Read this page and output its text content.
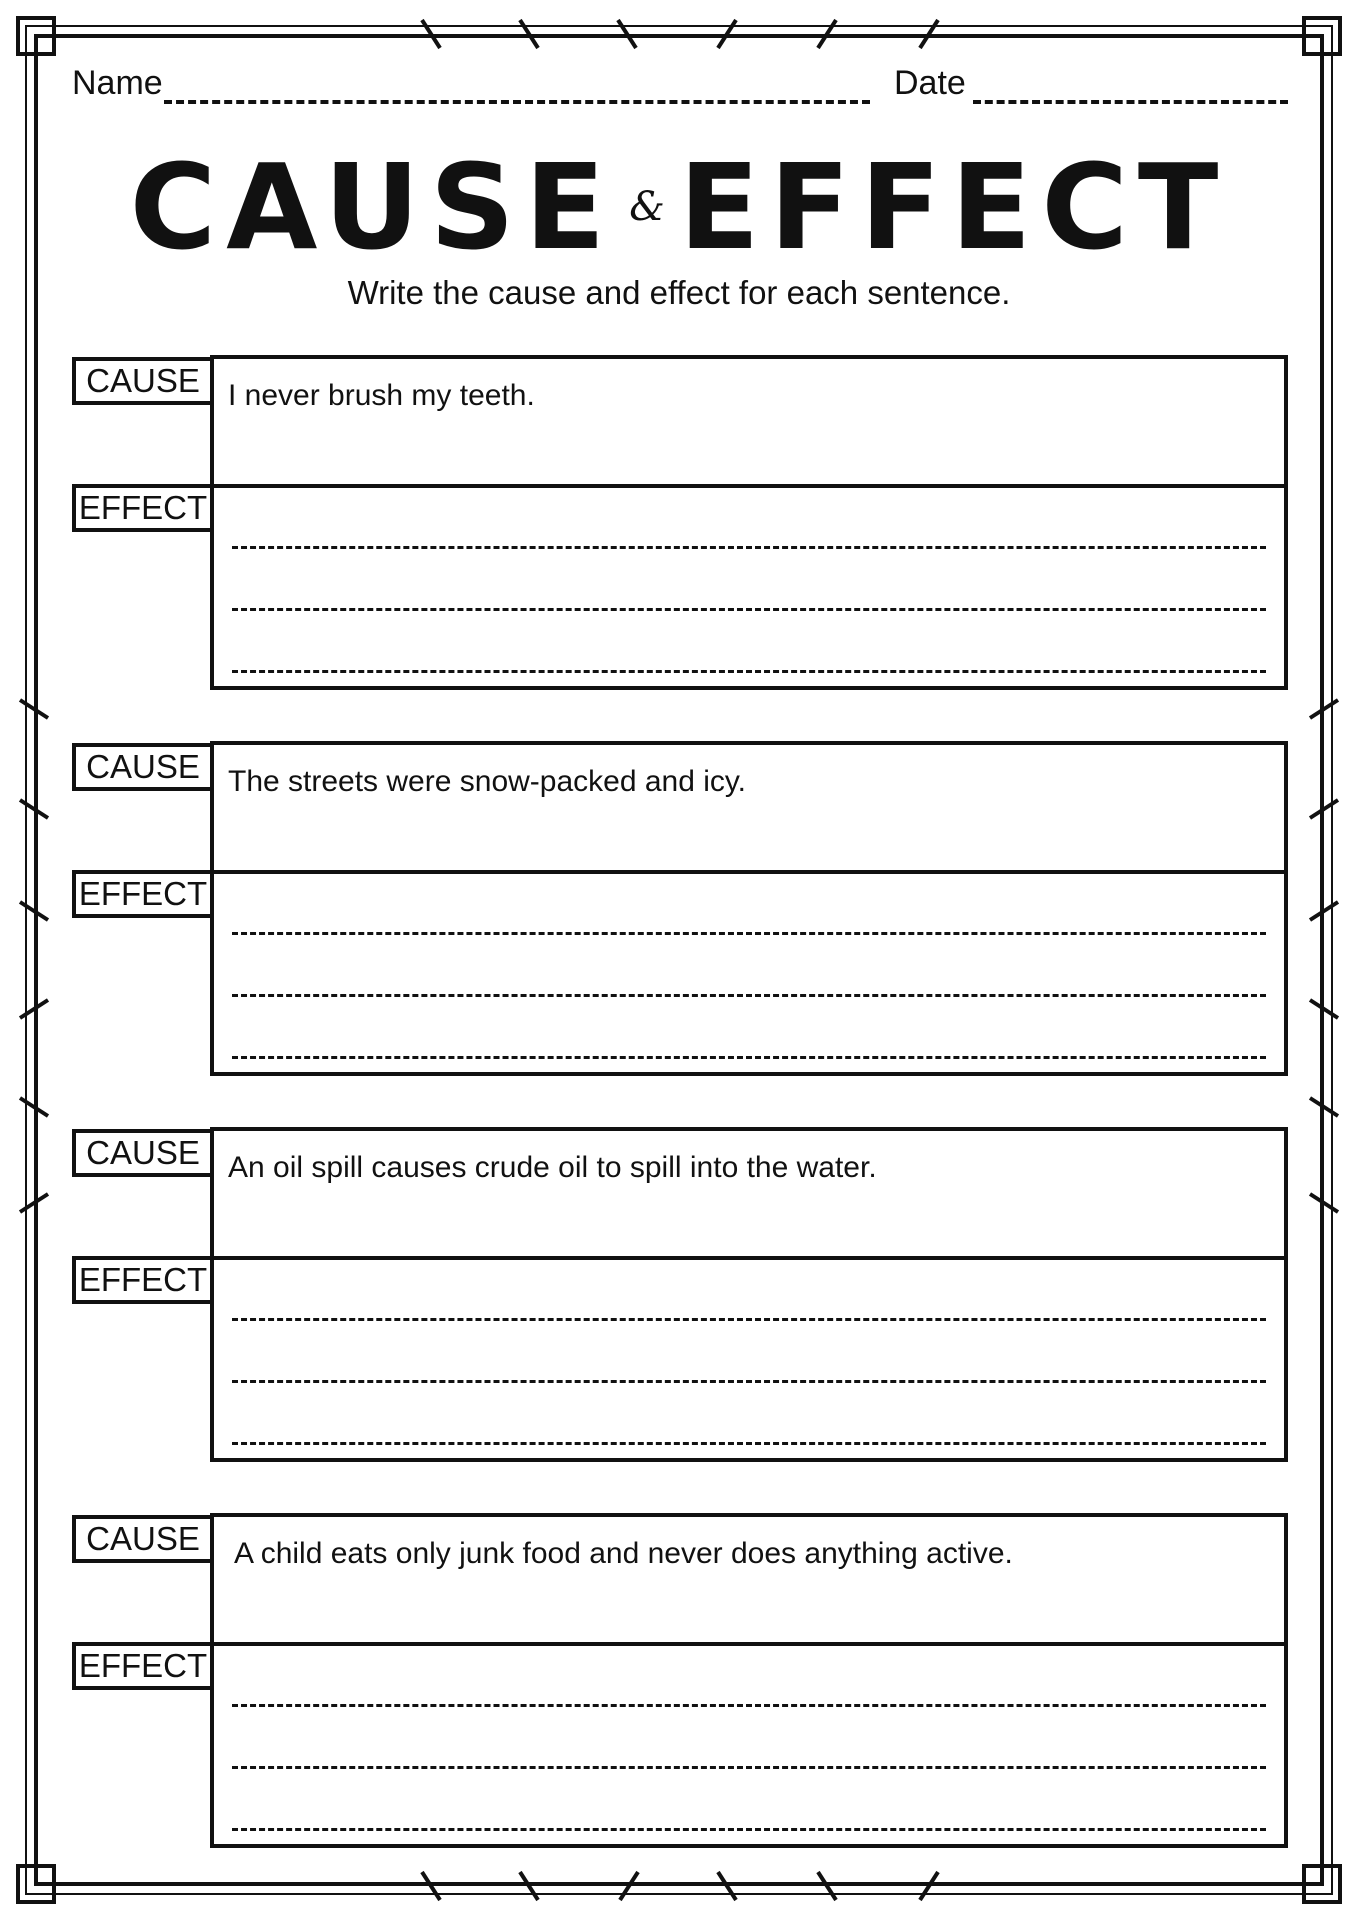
Name	Date
CAUSE & EFFECT
Write the cause and effect for each sentence.
CAUSE
EFFECT
I never brush my teeth.
CAUSE
EFFECT
The streets were snow-packed and icy.
CAUSE
EFFECT
An oil spill causes crude oil to spill into the water.
CAUSE
EFFECT
A child eats only junk food and never does anything active.
